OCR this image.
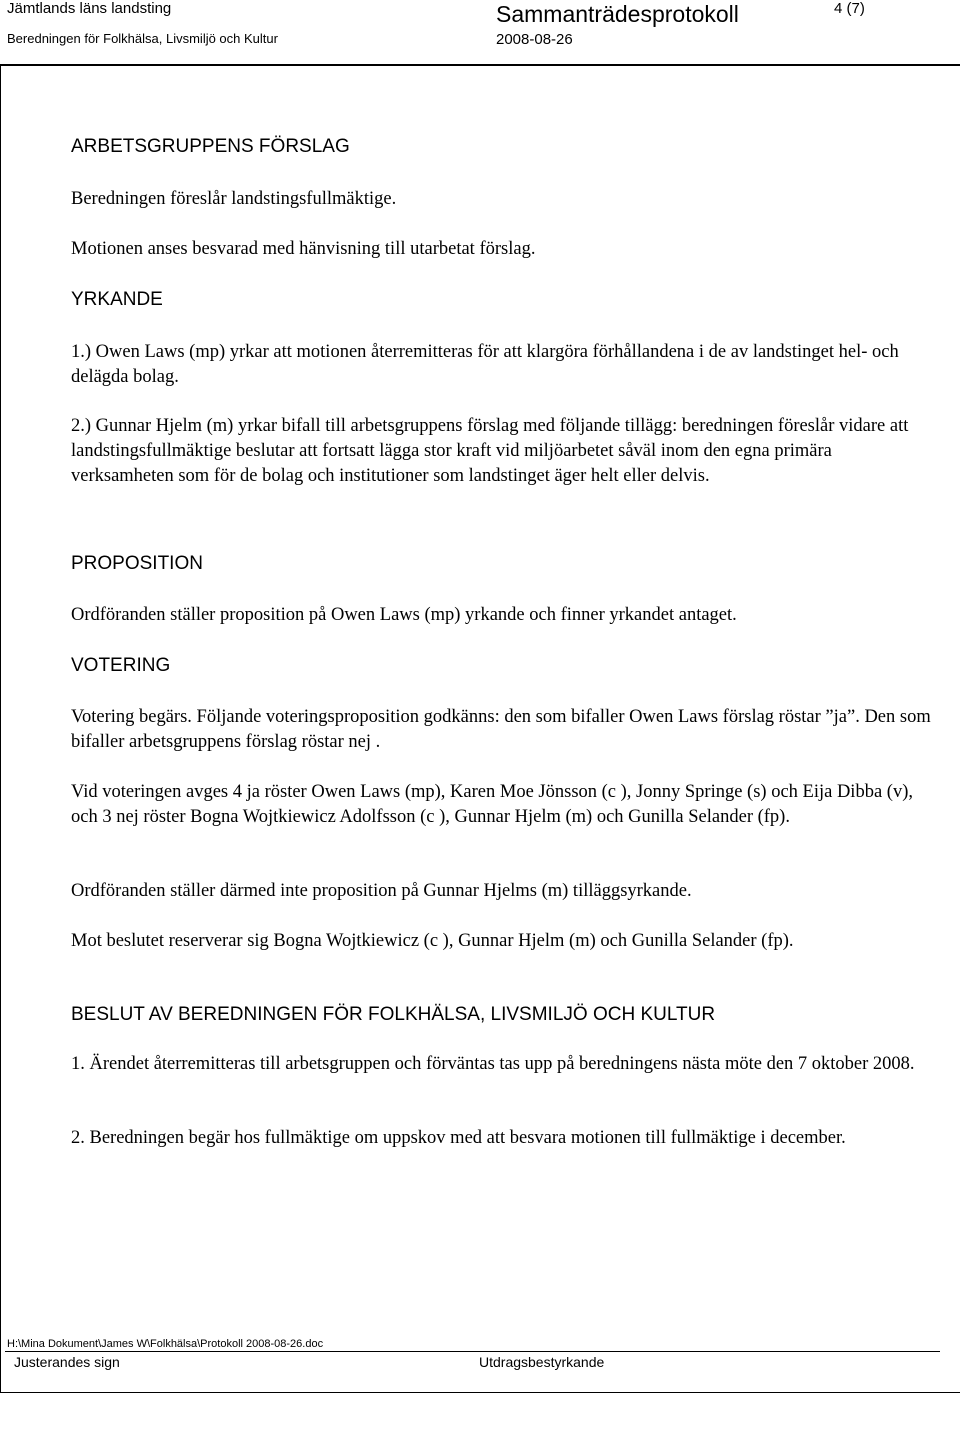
Jämtlands läns landsting
Beredningen för Folkhälsa, Livsmiljö och Kultur
Sammanträdesprotokoll
2008-08-26
4 (7)
ARBETSGRUPPENS FÖRSLAG
Beredningen föreslår landstingsfullmäktige.
Motionen anses besvarad med hänvisning till utarbetat förslag.
YRKANDE
1.) Owen Laws (mp) yrkar att motionen återremitteras för att klargöra förhållandena i de av landstinget hel- och delägda bolag.
2.) Gunnar Hjelm (m) yrkar bifall till arbetsgruppens förslag med följande tillägg: beredningen föreslår vidare att landstingsfullmäktige beslutar att fortsatt lägga stor kraft vid miljöarbetet såväl inom den egna primära verksamheten som för de bolag och institutioner som landstinget äger helt eller delvis.
PROPOSITION
Ordföranden ställer proposition på Owen Laws (mp) yrkande och finner yrkandet antaget.
VOTERING
Votering begärs. Följande voteringsproposition godkänns: den som bifaller Owen Laws förslag röstar ”ja”. Den som bifaller arbetsgruppens förslag röstar nej .
Vid voteringen avges 4 ja röster Owen Laws (mp), Karen Moe Jönsson (c ), Jonny Springe (s) och Eija Dibba (v), och 3 nej röster Bogna Wojtkiewicz Adolfsson (c ), Gunnar Hjelm (m) och Gunilla Selander (fp).
Ordföranden ställer därmed inte proposition på Gunnar Hjelms (m) tilläggsyrkande.
Mot beslutet reserverar sig Bogna Wojtkiewicz (c ), Gunnar Hjelm (m) och Gunilla Selander (fp).
BESLUT AV BEREDNINGEN FÖR FOLKHÄLSA, LIVSMILJÖ OCH KULTUR
1. Ärendet återremitteras till arbetsgruppen och förväntas tas upp på beredningens nästa möte den 7 oktober 2008.
2. Beredningen begär hos fullmäktige om uppskov med att besvara motionen till fullmäktige i december.
H:\Mina Dokument\James W\Folkhälsa\Protokoll 2008-08-26.doc
Justerandes sign	Utdragsbestyrkande
